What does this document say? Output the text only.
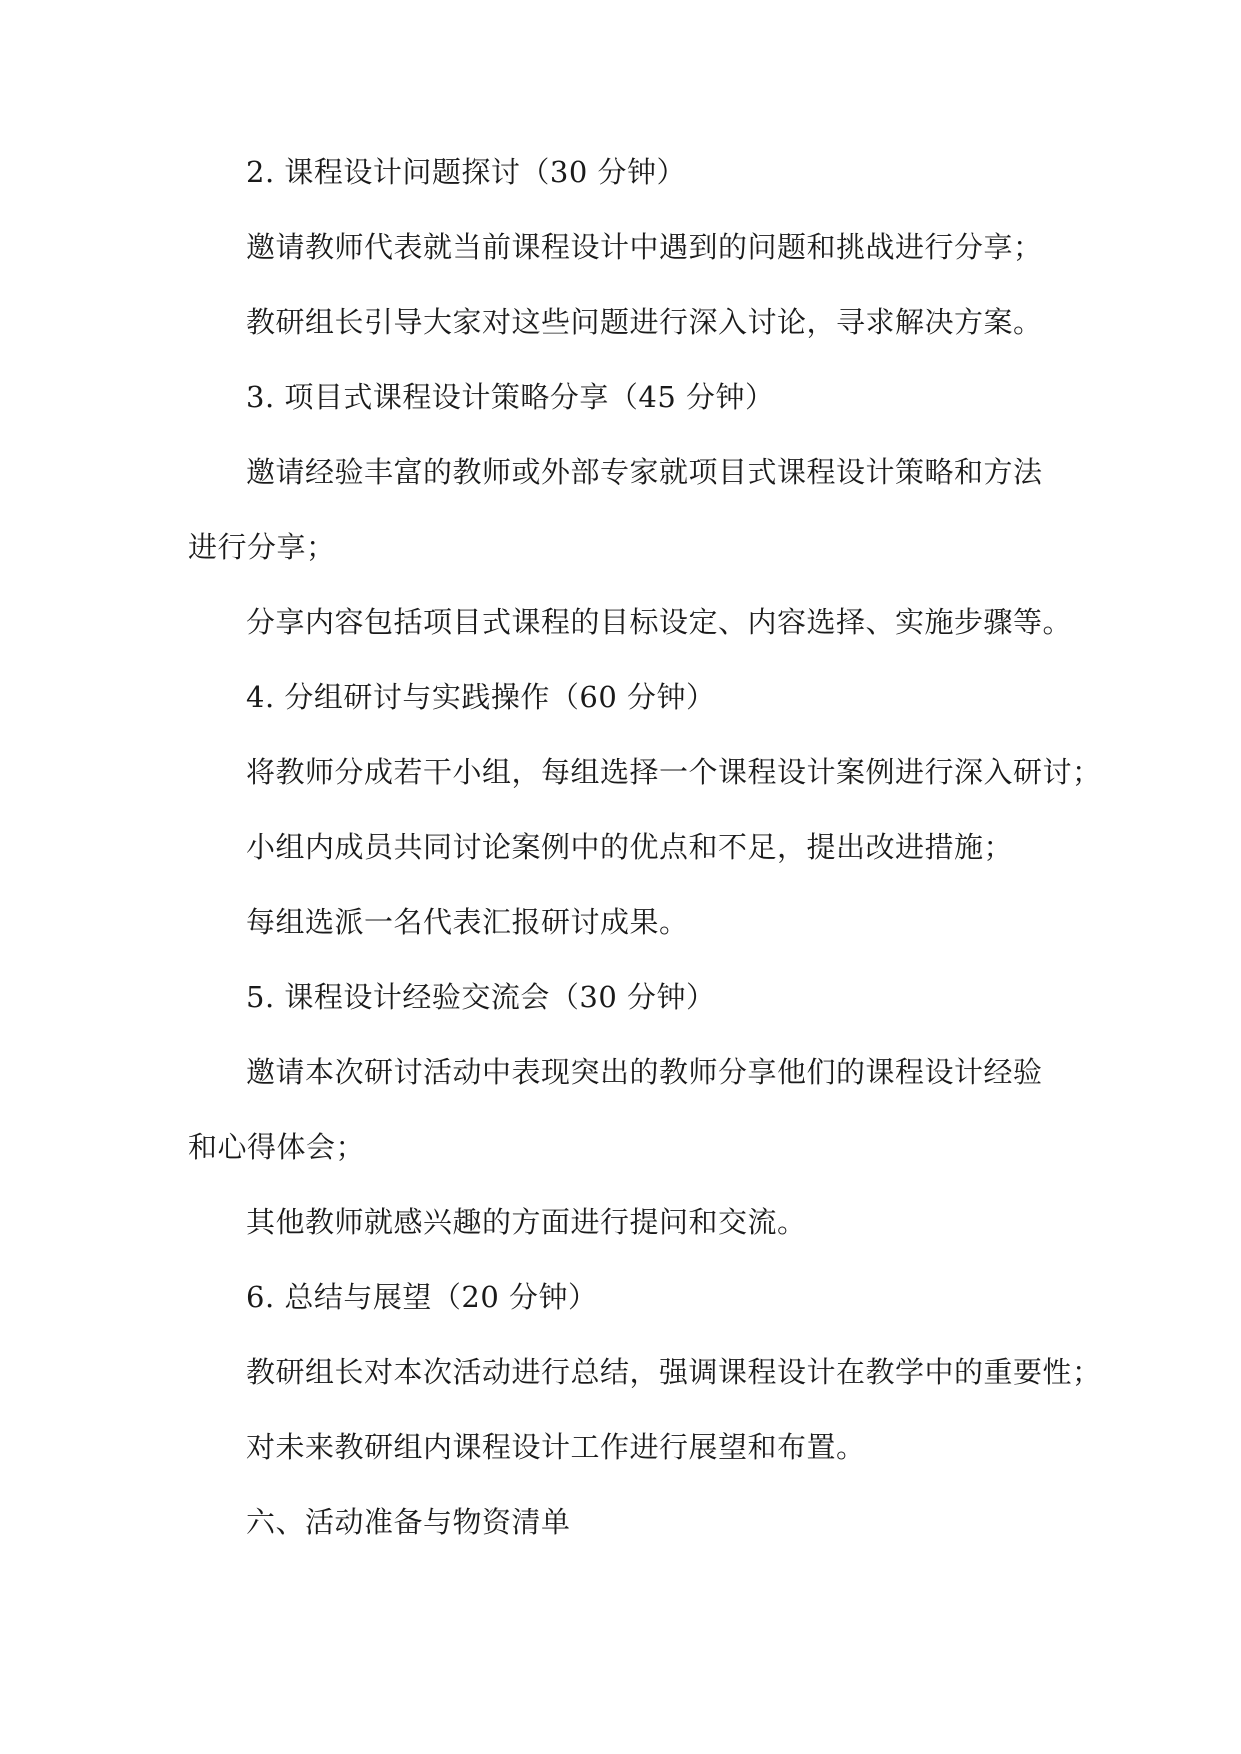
2. 课程设计问题探讨（30 分钟）
邀请教师代表就当前课程设计中遇到的问题和挑战进行分享；
教研组长引导大家对这些问题进行深入讨论，寻求解决方案。
3. 项目式课程设计策略分享（45 分钟）
邀请经验丰富的教师或外部专家就项目式课程设计策略和方法
进行分享；
分享内容包括项目式课程的目标设定、内容选择、实施步骤等。
4. 分组研讨与实践操作（60 分钟）
将教师分成若干小组，每组选择一个课程设计案例进行深入研讨；
小组内成员共同讨论案例中的优点和不足，提出改进措施；
每组选派一名代表汇报研讨成果。
5. 课程设计经验交流会（30 分钟）
邀请本次研讨活动中表现突出的教师分享他们的课程设计经验
和心得体会；
其他教师就感兴趣的方面进行提问和交流。
6. 总结与展望（20 分钟）
教研组长对本次活动进行总结，强调课程设计在教学中的重要性；
对未来教研组内课程设计工作进行展望和布置。
六、活动准备与物资清单
